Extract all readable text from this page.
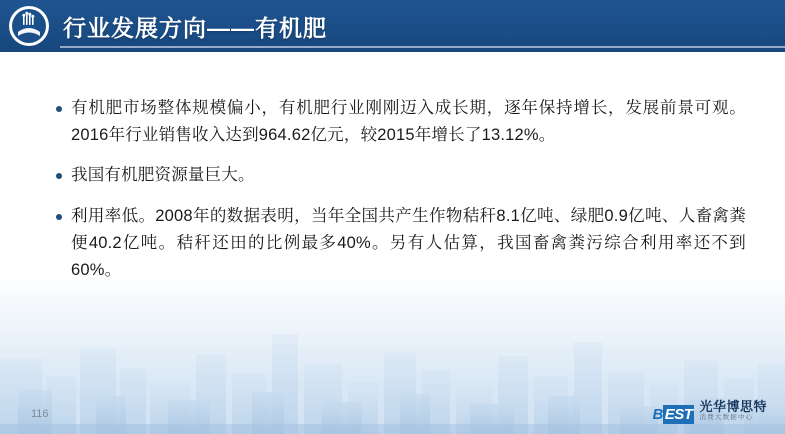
行业发展方向——有机肥
有机肥市场整体规模偏小，有机肥行业刚刚迈入成长期，逐年保持增长，发展前景可观。2016年行业销售收入达到964.62亿元，较2015年增长了13.12%。
我国有机肥资源量巨大。
利用率低。2008年的数据表明，当年全国共产生作物秸秆8.1亿吨、绿肥0.9亿吨、人畜禽粪便40.2亿吨。秸秆还田的比例最多40%。另有人估算，我国畜禽粪污综合利用率还不到60%。
116	B EST 光华博思特
消费大数据中心
